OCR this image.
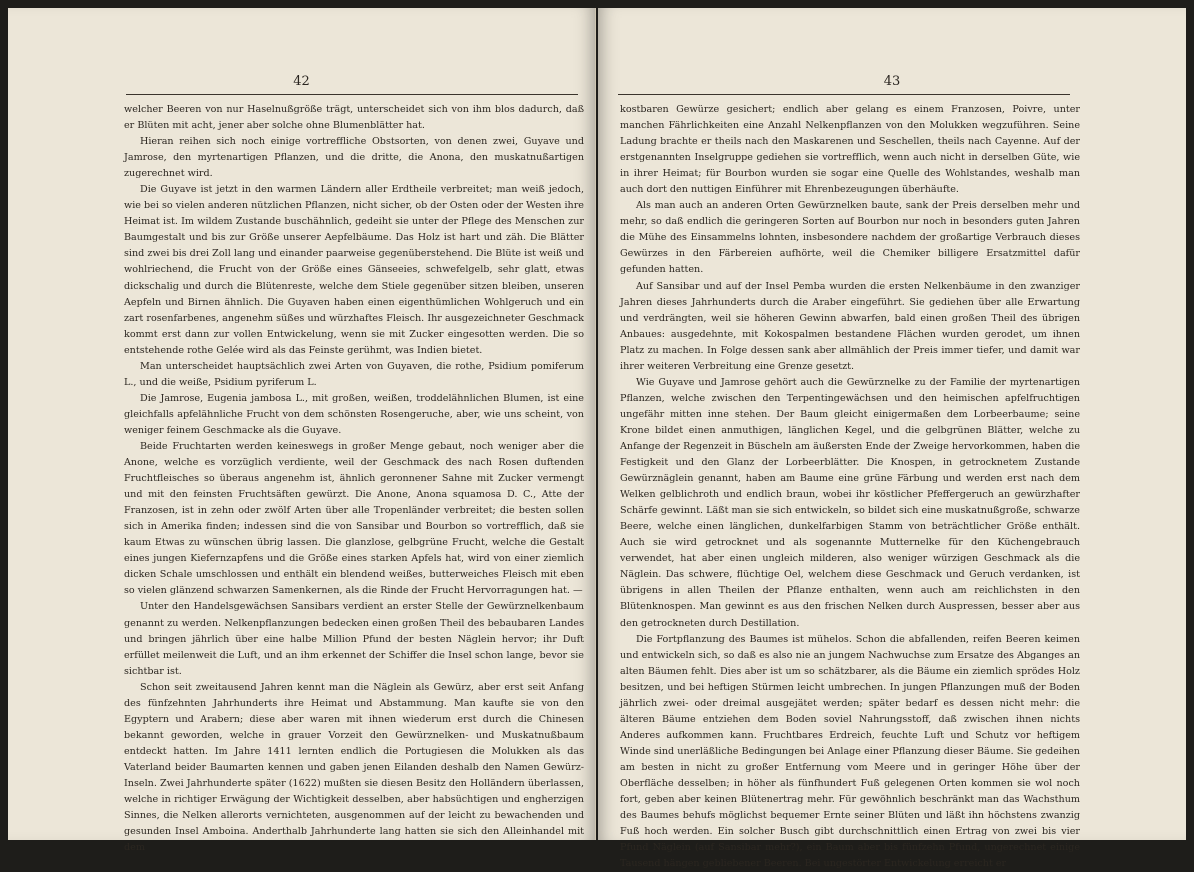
42

welcher Beeren von nur Haselnußgröße trägt, unterscheidet sich von ihm blos dadurch, daß er Blüten mit acht, jener aber solche ohne Blumenblätter hat.

Hieran reihen sich noch einige vortreffliche Obstsorten, von denen zwei, Guyave und Jamrose, den myrtenartigen Pflanzen, und die dritte, die Anona, den muskatnußartigen zugerechnet wird.

Die Guyave ist jetzt in den warmen Ländern aller Erdtheile verbreitet; man weiß jedoch, wie bei so vielen anderen nützlichen Pflanzen, nicht sicher, ob der Osten oder der Westen ihre Heimat ist. Im wildem Zustande buschähnlich, gedeiht sie unter der Pflege des Menschen zur Baumgestalt und bis zur Größe unserer Aepfelbäume. Das Holz ist hart und zäh. Die Blätter sind zwei bis drei Zoll lang und einander paarweise gegenüberstehend. Die Blüte ist weiß und wohlriechend, die Frucht von der Größe eines Gänseeies, schwefelgelb, sehr glatt, etwas dickschalig und durch die Blütenreste, welche dem Stiele gegenüber sitzen bleiben, unseren Aepfeln und Birnen ähnlich. Die Guyaven haben einen eigenthümlichen Wohlgeruch und ein zart rosenfarbenes, angenehm süßes und würzhaftes Fleisch. Ihr ausgezeichneter Geschmack kommt erst dann zur vollen Entwickelung, wenn sie mit Zucker eingesotten werden. Die so entstehende rothe Gelée wird als das Feinste gerühmt, was Indien bietet.

Man unterscheidet hauptsächlich zwei Arten von Guyaven, die rothe, Psidium pomiferum L., und die weiße, Psidium pyriferum L.

Die Jamrose, Eugenia jambosa L., mit großen, weißen, troddelähnlichen Blumen, ist eine gleichfalls apfelähnliche Frucht von dem schönsten Rosengeruche, aber, wie uns scheint, von weniger feinem Geschmacke als die Guyave.

Beide Fruchtarten werden keineswegs in großer Menge gebaut, noch weniger aber die Anone, welche es vorzüglich verdiente, weil der Geschmack des nach Rosen duftenden Fruchtfleisches so überaus angenehm ist, ähnlich geronnener Sahne mit Zucker vermengt und mit den feinsten Fruchtsäften gewürzt. Die Anone, Anona squamosa D. C., Atte der Franzosen, ist in zehn oder zwölf Arten über alle Tropenländer verbreitet; die besten sollen sich in Amerika finden; indessen sind die von Sansibar und Bourbon so vortrefflich, daß sie kaum Etwas zu wünschen übrig lassen. Die glanzlose, gelbgrüne Frucht, welche die Gestalt eines jungen Kiefernzapfens und die Größe eines starken Apfels hat, wird von einer ziemlich dicken Schale umschlossen und enthält ein blendend weißes, butterweiches Fleisch mit eben so vielen glänzend schwarzen Samenkernen, als die Rinde der Frucht Hervorragungen hat. —

Unter den Handelsgewächsen Sansibars verdient an erster Stelle der Gewürznelkenbaum genannt zu werden. Nelkenpflanzungen bedecken einen großen Theil des bebaubaren Landes und bringen jährlich über eine halbe Million Pfund der besten Näglein hervor; ihr Duft erfüllet meilenweit die Luft, und an ihm erkennet der Schiffer die Insel schon lange, bevor sie sichtbar ist.

Schon seit zweitausend Jahren kennt man die Näglein als Gewürz, aber erst seit Anfang des fünfzehnten Jahrhunderts ihre Heimat und Abstammung. Man kaufte sie von den Egyptern und Arabern; diese aber waren mit ihnen wiederum erst durch die Chinesen bekannt geworden, welche in grauer Vorzeit den Gewürznelken- und Muskatnußbaum entdeckt hatten. Im Jahre 1411 lernten endlich die Portugiesen die Molukken als das Vaterland beider Baumarten kennen und gaben jenen Eilanden deshalb den Namen Gewürz-Inseln. Zwei Jahrhunderte später (1622) mußten sie diesen Besitz den Holländern überlassen, welche in richtiger Erwägung der Wichtigkeit desselben, aber habsüchtigen und engherzigen Sinnes, die Nelken allerorts vernichteten, ausgenommen auf der leicht zu bewachenden und gesunden Insel Amboina. Anderthalb Jahrhunderte lang hatten sie sich den Alleinhandel mit dem

43

kostbaren Gewürze gesichert; endlich aber gelang es einem Franzosen, Poivre, unter manchen Fährlichkeiten eine Anzahl Nelkenpflanzen von den Molukken wegzuführen. Seine Ladung brachte er theils nach den Maskarenen und Seschellen, theils nach Cayenne. Auf der erstgenannten Inselgruppe gediehen sie vortrefflich, wenn auch nicht in derselben Güte, wie in ihrer Heimat; für Bourbon wurden sie sogar eine Quelle des Wohlstandes, weshalb man auch dort den nuttigen Einführer mit Ehrenbezeugungen überhäufte.

Als man auch an anderen Orten Gewürznelken baute, sank der Preis derselben mehr und mehr, so daß endlich die geringeren Sorten auf Bourbon nur noch in besonders guten Jahren die Mühe des Einsammelns lohnten, insbesondere nachdem der großartige Verbrauch dieses Gewürzes in den Färbereien aufhörte, weil die Chemiker billigere Ersatzmittel dafür gefunden hatten.

Auf Sansibar und auf der Insel Pemba wurden die ersten Nelkenbäume in den zwanziger Jahren dieses Jahrhunderts durch die Araber eingeführt. Sie gediehen über alle Erwartung und verdrängten, weil sie höheren Gewinn abwarfen, bald einen großen Theil des übrigen Anbaues: ausgedehnte, mit Kokospalmen bestandene Flächen wurden gerodet, um ihnen Platz zu machen. In Folge dessen sank aber allmählich der Preis immer tiefer, und damit war ihrer weiteren Verbreitung eine Grenze gesetzt.

Wie Guyave und Jamrose gehört auch die Gewürznelke zu der Familie der myrtenartigen Pflanzen, welche zwischen den Terpentingewächsen und den heimischen apfelfruchtigen ungefähr mitten inne stehen. Der Baum gleicht einigermaßen dem Lorbeerbaume; seine Krone bildet einen anmuthigen, länglichen Kegel, und die gelbgrünen Blätter, welche zu Anfange der Regenzeit in Büscheln am äußersten Ende der Zweige hervorkommen, haben die Festigkeit und den Glanz der Lorbeerblätter. Die Knospen, in getrocknetem Zustande Gewürznäglein genannt, haben am Baume eine grüne Färbung und werden erst nach dem Welken gelblichroth und endlich braun, wobei ihr köstlicher Pfeffergeruch an gewürzhafter Schärfe gewinnt. Läßt man sie sich entwickeln, so bildet sich eine muskatnußgroße, schwarze Beere, welche einen länglichen, dunkelfarbigen Stamm von beträchtlicher Größe enthält. Auch sie wird getrocknet und als sogenannte Mutternelke für den Küchengebrauch verwendet, hat aber einen ungleich milderen, also weniger würzigen Geschmack als die Näglein. Das schwere, flüchtige Oel, welchem diese Geschmack und Geruch verdanken, ist übrigens in allen Theilen der Pflanze enthalten, wenn auch am reichlichsten in den Blütenknospen. Man gewinnt es aus den frischen Nelken durch Auspressen, besser aber aus den getrockneten durch Destillation.

Die Fortpflanzung des Baumes ist mühelos. Schon die abfallenden, reifen Beeren keimen und entwickeln sich, so daß es also nie an jungem Nachwuchse zum Ersatze des Abganges an alten Bäumen fehlt. Dies aber ist um so schätzbarer, als die Bäume ein ziemlich sprödes Holz besitzen, und bei heftigen Stürmen leicht umbrechen. In jungen Pflanzungen muß der Boden jährlich zwei- oder dreimal ausgejätet werden; später bedarf es dessen nicht mehr: die älteren Bäume entziehen dem Boden soviel Nahrungsstoff, daß zwischen ihnen nichts Anderes aufkommen kann. Fruchtbares Erdreich, feuchte Luft und Schutz vor heftigem Winde sind unerläßliche Bedingungen bei Anlage einer Pflanzung dieser Bäume. Sie gedeihen am besten in nicht zu großer Entfernung vom Meere und in geringer Höhe über der Oberfläche desselben; in höher als fünfhundert Fuß gelegenen Orten kommen sie wol noch fort, geben aber keinen Blütenertrag mehr. Für gewöhnlich beschränkt man das Wachsthum des Baumes behufs möglichst bequemer Ernte seiner Blüten und läßt ihn höchstens zwanzig Fuß hoch werden. Ein solcher Busch gibt durchschnittlich einen Ertrag von zwei bis vier Pfund Näglein (auf Sansibar mehr?), ein Baum aber bis fünfzehn Pfund, ungerechnet einige Tausend hängen gebliebener Beeren. Bei ungestörter Entwickelung erreicht er
